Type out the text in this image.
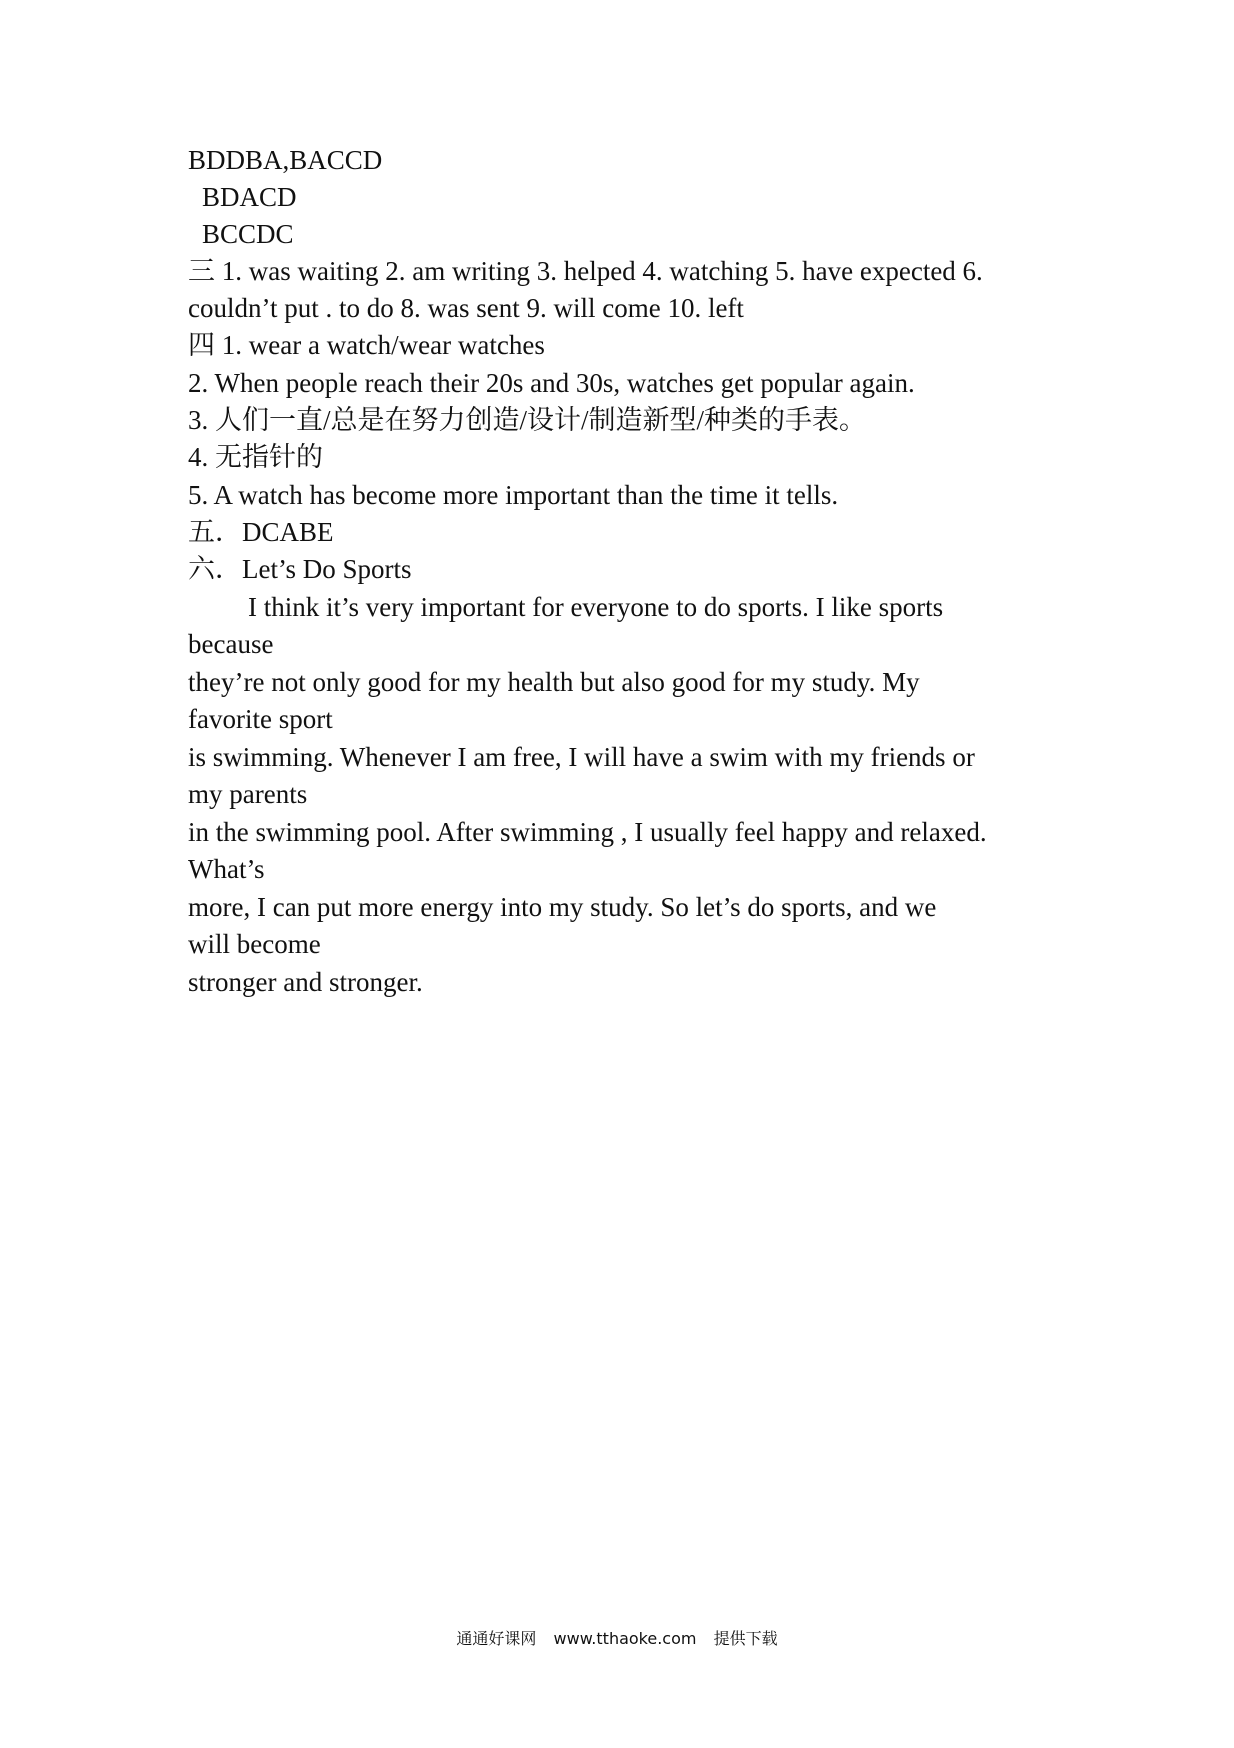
BDDBA,BACCD
BDACD
BCCDC
三 1. was waiting 2. am writing 3. helped 4. watching 5. have expected 6.
couldn’t put . to do 8. was sent 9. will come 10. left
四 1. wear a watch/wear watches
2. When people reach their 20s and 30s, watches get popular again.
3. 人们一直/总是在努力创造/设计/制造新型/种类的手表。
4. 无指针的
5. A watch has become more important than the time it tells.
五．DCABE
六．Let’s Do Sports
I think it’s very important for everyone to do sports. I like sports
because
they’re not only good for my health but also good for my study. My
favorite sport
is swimming. Whenever I am free, I will have a swim with my friends or
my parents
in the swimming pool. After swimming , I usually feel happy and relaxed.
What’s
more, I can put more energy into my study. So let’s do sports, and we
will become
stronger and stronger.
通通好课网 www.tthaoke.com 提供下载
